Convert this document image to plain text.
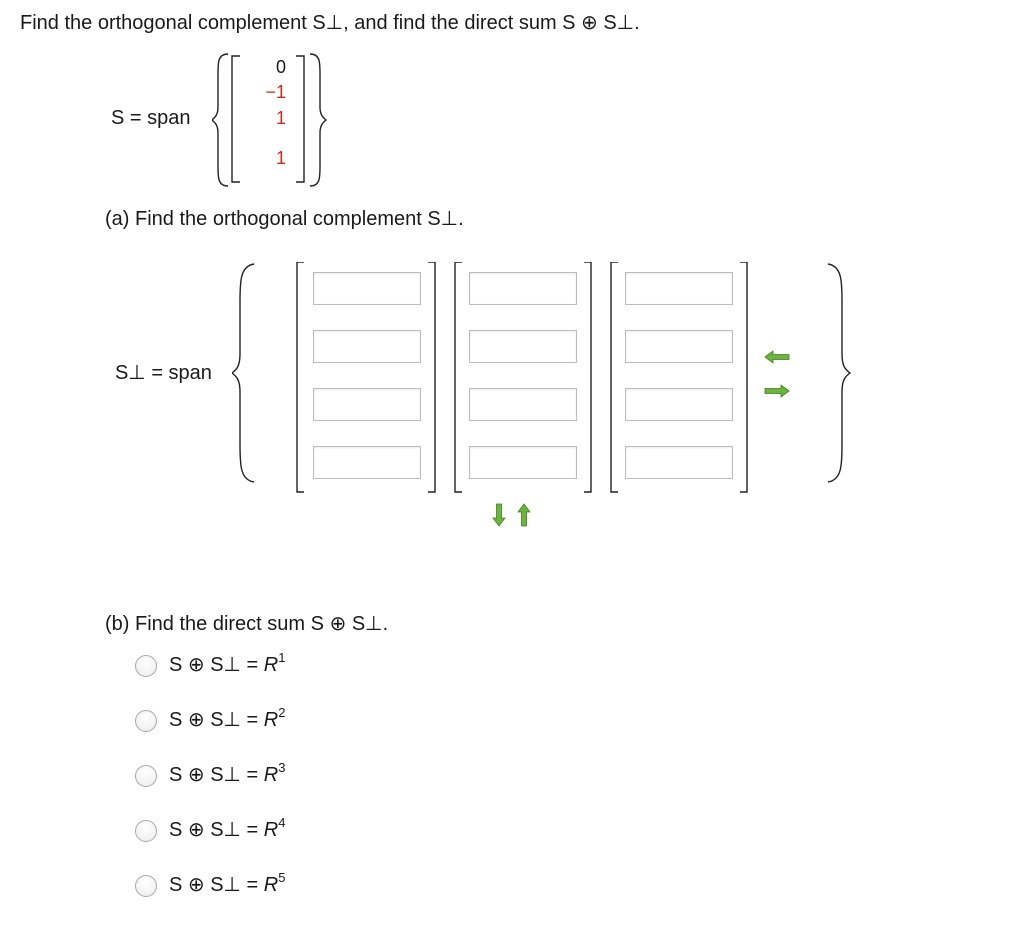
Find the orthogonal complement S⊥, and find the direct sum S ⊕ S⊥.
S = span
0
−1
1
1
(a) Find the orthogonal complement S⊥.
S⊥ = span
(b) Find the direct sum S ⊕ S⊥.
S ⊕ S⊥ = $R^1$
S ⊕ S⊥ = $R^2$
S ⊕ S⊥ = $R^3$
S ⊕ S⊥ = $R^4$
S ⊕ S⊥ = $R^5$
